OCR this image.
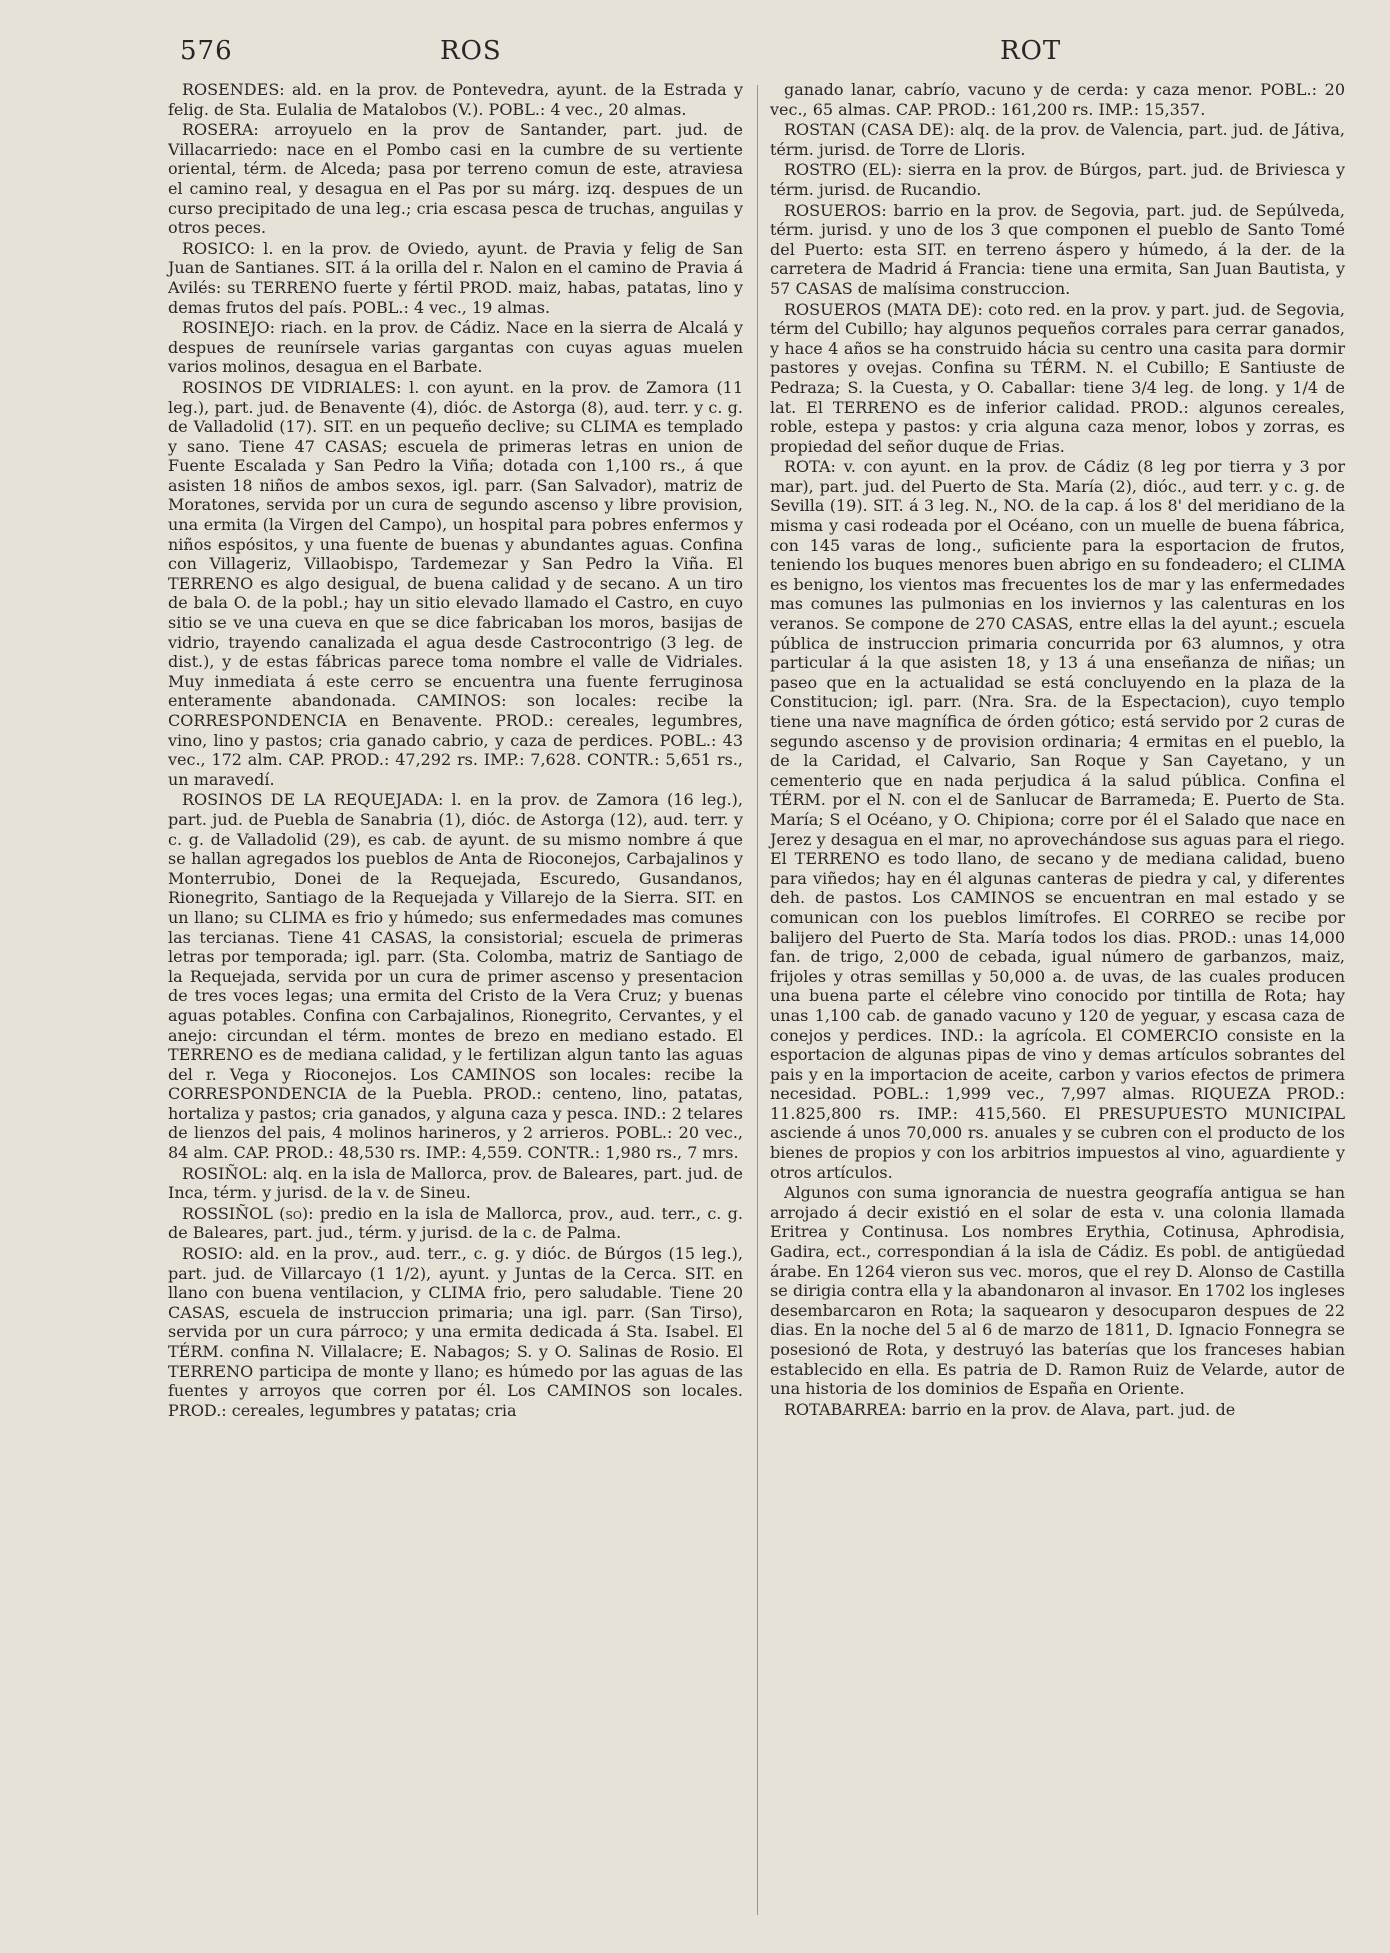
576	ROS	ROT

ROSENDES: ald. en la prov. de Pontevedra, ayunt. de la Estrada y felig. de Sta. Eulalia de Matalobos (V.). POBL.: 4 vec., 20 almas.

ROSERA: arroyuelo en la prov de Santander, part. jud. de Villacarriedo: nace en el Pombo casi en la cumbre de su vertiente oriental, térm. de Alceda; pasa por terreno comun de este, atraviesa el camino real, y desagua en el Pas por su márg. izq. despues de un curso precipitado de una leg.; cria escasa pesca de truchas, anguilas y otros peces.

ROSICO: l. en la prov. de Oviedo, ayunt. de Pravia y felig de San Juan de Santianes. SIT. á la orilla del r. Nalon en el camino de Pravia á Avilés: su TERRENO fuerte y fértil PROD. maiz, habas, patatas, lino y demas frutos del país. POBL.: 4 vec., 19 almas.

ROSINEJO: riach. en la prov. de Cádiz. Nace en la sierra de Alcalá y despues de reunírsele varias gargantas con cuyas aguas muelen varios molinos, desagua en el Barbate.

ROSINOS DE VIDRIALES: l. con ayunt. en la prov. de Zamora (11 leg.), part. jud. de Benavente (4), dióc. de Astorga (8), aud. terr. y c. g. de Valladolid (17). SIT. en un pequeño declive; su CLIMA es templado y sano. Tiene 47 CASAS; escuela de primeras letras en union de Fuente Escalada y San Pedro la Viña; dotada con 1,100 rs., á que asisten 18 niños de ambos sexos, igl. parr. (San Salvador), matriz de Moratones, servida por un cura de segundo ascenso y libre provision, una ermita (la Virgen del Campo), un hospital para pobres enfermos y niños espósitos, y una fuente de buenas y abundantes aguas. Confina con Villageriz, Villaobispo, Tardemezar y San Pedro la Viña. El TERRENO es algo desigual, de buena calidad y de secano. A un tiro de bala O. de la pobl.; hay un sitio elevado llamado el Castro, en cuyo sitio se ve una cueva en que se dice fabricaban los moros, basijas de vidrio, trayendo canalizada el agua desde Castrocontrigo (3 leg. de dist.), y de estas fábricas parece toma nombre el valle de Vidriales. Muy inmediata á este cerro se encuentra una fuente ferruginosa enteramente abandonada. CAMINOS: son locales: recibe la CORRESPONDENCIA en Benavente. PROD.: cereales, legumbres, vino, lino y pastos; cria ganado cabrio, y caza de perdices. POBL.: 43 vec., 172 alm. CAP. PROD.: 47,292 rs. IMP.: 7,628. CONTR.: 5,651 rs., un maravedí.

ROSINOS DE LA REQUEJADA: l. en la prov. de Zamora (16 leg.), part. jud. de Puebla de Sanabria (1), dióc. de Astorga (12), aud. terr. y c. g. de Valladolid (29), es cab. de ayunt. de su mismo nombre á que se hallan agregados los pueblos de Anta de Rioconejos, Carbajalinos y Monterrubio, Donei de la Requejada, Escuredo, Gusandanos, Rionegrito, Santiago de la Requejada y Villarejo de la Sierra. SIT. en un llano; su CLIMA es frio y húmedo; sus enfermedades mas comunes las tercianas. Tiene 41 CASAS, la consistorial; escuela de primeras letras por temporada; igl. parr. (Sta. Colomba, matriz de Santiago de la Requejada, servida por un cura de primer ascenso y presentacion de tres voces legas; una ermita del Cristo de la Vera Cruz; y buenas aguas potables. Confina con Carbajalinos, Rionegrito, Cervantes, y el anejo: circundan el térm. montes de brezo en mediano estado. El TERRENO es de mediana calidad, y le fertilizan algun tanto las aguas del r. Vega y Rioconejos. Los CAMINOS son locales: recibe la CORRESPONDENCIA de la Puebla. PROD.: centeno, lino, patatas, hortaliza y pastos; cria ganados, y alguna caza y pesca. IND.: 2 telares de lienzos del pais, 4 molinos harineros, y 2 arrieros. POBL.: 20 vec., 84 alm. CAP. PROD.: 48,530 rs. IMP.: 4,559. CONTR.: 1,980 rs., 7 mrs.

ROSIÑOL: alq. en la isla de Mallorca, prov. de Baleares, part. jud. de Inca, térm. y jurisd. de la v. de Sineu.

ROSSIÑOL (so): predio en la isla de Mallorca, prov., aud. terr., c. g. de Baleares, part. jud., térm. y jurisd. de la c. de Palma.

ROSIO: ald. en la prov., aud. terr., c. g. y dióc. de Búrgos (15 leg.), part. jud. de Villarcayo (1 1/2), ayunt. y Juntas de la Cerca. SIT. en llano con buena ventilacion, y CLIMA frio, pero saludable. Tiene 20 CASAS, escuela de instruccion primaria; una igl. parr. (San Tirso), servida por un cura párroco; y una ermita dedicada á Sta. Isabel. El TÉRM. confina N. Villalacre; E. Nabagos; S. y O. Salinas de Rosio. El TERRENO participa de monte y llano; es húmedo por las aguas de las fuentes y arroyos que corren por él. Los CAMINOS son locales. PROD.: cereales, legumbres y patatas; cria

ganado lanar, cabrío, vacuno y de cerda: y caza menor. POBL.: 20 vec., 65 almas. CAP. PROD.: 161,200 rs. IMP.: 15,357.

ROSTAN (CASA DE): alq. de la prov. de Valencia, part. jud. de Játiva, térm. jurisd. de Torre de Lloris.

ROSTRO (EL): sierra en la prov. de Búrgos, part. jud. de Briviesca y térm. jurisd. de Rucandio.

ROSUEROS: barrio en la prov. de Segovia, part. jud. de Sepúlveda, térm. jurisd. y uno de los 3 que componen el pueblo de Santo Tomé del Puerto: esta SIT. en terreno áspero y húmedo, á la der. de la carretera de Madrid á Francia: tiene una ermita, San Juan Bautista, y 57 CASAS de malísima construccion.

ROSUEROS (MATA DE): coto red. en la prov. y part. jud. de Segovia, térm del Cubillo; hay algunos pequeños corrales para cerrar ganados, y hace 4 años se ha construido hácia su centro una casita para dormir pastores y ovejas. Confina su TÉRM. N. el Cubillo; E Santiuste de Pedraza; S. la Cuesta, y O. Caballar: tiene 3/4 leg. de long. y 1/4 de lat. El TERRENO es de inferior calidad. PROD.: algunos cereales, roble, estepa y pastos: y cria alguna caza menor, lobos y zorras, es propiedad del señor duque de Frias.

ROTA: v. con ayunt. en la prov. de Cádiz (8 leg por tierra y 3 por mar), part. jud. del Puerto de Sta. María (2), dióc., aud terr. y c. g. de Sevilla (19). SIT. á 3 leg. N., NO. de la cap. á los 8' del meridiano de la misma y casi rodeada por el Océano, con un muelle de buena fábrica, con 145 varas de long., suficiente para la esportacion de frutos, teniendo los buques menores buen abrigo en su fondeadero; el CLIMA es benigno, los vientos mas frecuentes los de mar y las enfermedades mas comunes las pulmonias en los inviernos y las calenturas en los veranos. Se compone de 270 CASAS, entre ellas la del ayunt.; escuela pública de instruccion primaria concurrida por 63 alumnos, y otra particular á la que asisten 18, y 13 á una enseñanza de niñas; un paseo que en la actualidad se está concluyendo en la plaza de la Constitucion; igl. parr. (Nra. Sra. de la Espectacion), cuyo templo tiene una nave magnífica de órden gótico; está servido por 2 curas de segundo ascenso y de provision ordinaria; 4 ermitas en el pueblo, la de la Caridad, el Calvario, San Roque y San Cayetano, y un cementerio que en nada perjudica á la salud pública. Confina el TÉRM. por el N. con el de Sanlucar de Barrameda; E. Puerto de Sta. María; S el Océano, y O. Chipiona; corre por él el Salado que nace en Jerez y desagua en el mar, no aprovechándose sus aguas para el riego. El TERRENO es todo llano, de secano y de mediana calidad, bueno para viñedos; hay en él algunas canteras de piedra y cal, y diferentes deh. de pastos. Los CAMINOS se encuentran en mal estado y se comunican con los pueblos limítrofes. El CORREO se recibe por balijero del Puerto de Sta. María todos los dias. PROD.: unas 14,000 fan. de trigo, 2,000 de cebada, igual número de garbanzos, maiz, frijoles y otras semillas y 50,000 a. de uvas, de las cuales producen una buena parte el célebre vino conocido por tintilla de Rota; hay unas 1,100 cab. de ganado vacuno y 120 de yeguar, y escasa caza de conejos y perdices. IND.: la agrícola. El COMERCIO consiste en la esportacion de algunas pipas de vino y demas artículos sobrantes del pais y en la importacion de aceite, carbon y varios efectos de primera necesidad. POBL.: 1,999 vec., 7,997 almas. RIQUEZA PROD.: 11.825,800 rs. IMP.: 415,560. El PRESUPUESTO MUNICIPAL asciende á unos 70,000 rs. anuales y se cubren con el producto de los bienes de propios y con los arbitrios impuestos al vino, aguardiente y otros artículos.

Algunos con suma ignorancia de nuestra geografía antigua se han arrojado á decir existió en el solar de esta v. una colonia llamada Eritrea y Continusa. Los nombres Erythia, Cotinusa, Aphrodisia, Gadira, ect., correspondian á la isla de Cádiz. Es pobl. de antigüedad árabe. En 1264 vieron sus vec. moros, que el rey D. Alonso de Castilla se dirigia contra ella y la abandonaron al invasor. En 1702 los ingleses desembarcaron en Rota; la saquearon y desocuparon despues de 22 dias. En la noche del 5 al 6 de marzo de 1811, D. Ignacio Fonnegra se posesionó de Rota, y destruyó las baterías que los franceses habian establecido en ella. Es patria de D. Ramon Ruiz de Velarde, autor de una historia de los dominios de España en Oriente.

ROTABARREA: barrio en la prov. de Alava, part. jud. de
